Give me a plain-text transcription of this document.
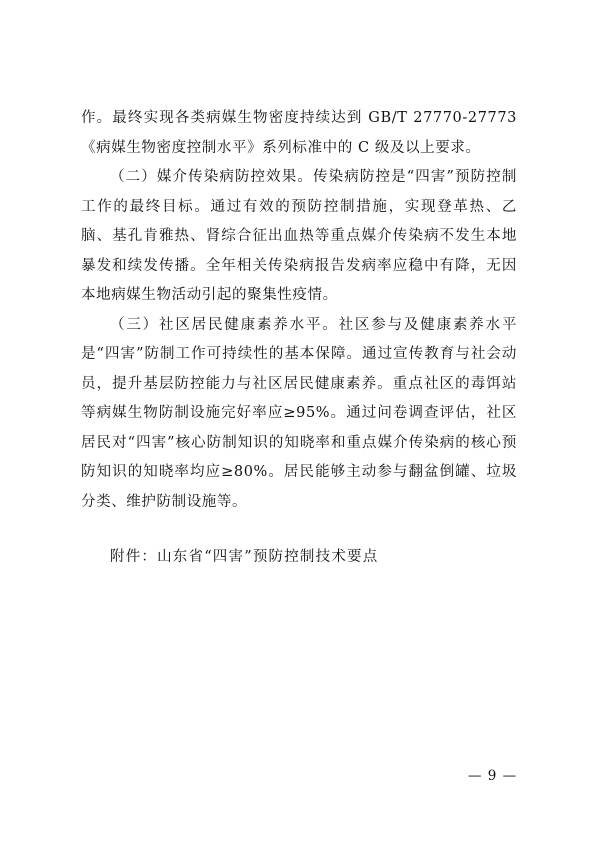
作。最终实现各类病媒生物密度持续达到 GB/T 27770-27773《病媒生物密度控制水平》系列标准中的 C 级及以上要求。

（二）媒介传染病防控效果。传染病防控是“四害”预防控制工作的最终目标。通过有效的预防控制措施，实现登革热、乙脑、基孔肯雅热、肾综合征出血热等重点媒介传染病不发生本地暴发和续发传播。全年相关传染病报告发病率应稳中有降，无因本地病媒生物活动引起的聚集性疫情。

（三）社区居民健康素养水平。社区参与及健康素养水平是“四害”防制工作可持续性的基本保障。通过宣传教育与社会动员，提升基层防控能力与社区居民健康素养。重点社区的毒饵站等病媒生物防制设施完好率应≥95%。通过问卷调查评估，社区居民对“四害”核心防制知识的知晓率和重点媒介传染病的核心预防知识的知晓率均应≥80%。居民能够主动参与翻盆倒罐、垃圾分类、维护防制设施等。

附件：山东省“四害”预防控制技术要点
— 9 —
